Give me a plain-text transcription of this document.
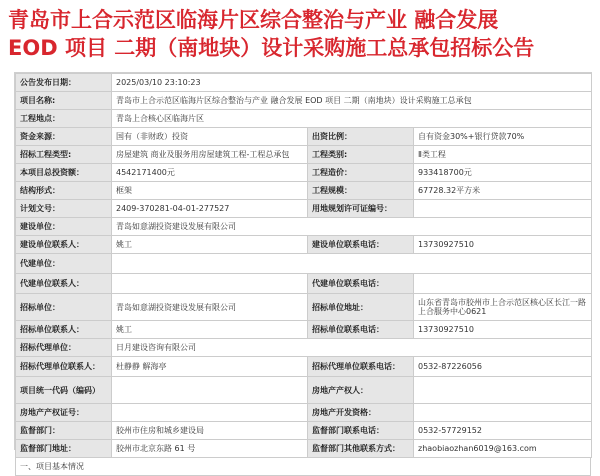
青岛市上合示范区临海片区综合整治与产业 融合发展
EOD 项目 二期（南地块）设计采购施工总承包招标公告
公告发布日期：	2025/03/10 23:10:23		
项目名称:	青岛市上合示范区临海片区综合整治与产业 融合发展 EOD 项目 二期（南地块）设计采购施工总承包		
工程地点：	青岛上合核心区临海片区		
资金来源：	国有（非财政）投资	出资比例：	自有资金30%+银行贷款70%
招标工程类型:	房屋建筑 商业及服务用房屋建筑工程-工程总承包	工程类别:	Ⅱ类工程
本项目总投资额：	4542171400元	工程造价：	933418700元
结构形式：	框架	工程规模：	67728.32平方米
计划文号：	2409-370281-04-01-277527	用地规划许可证编号：	
建设单位：	青岛如意湖投资建设发展有限公司		
建设单位联系人：	姚工	建设单位联系电话：	13730927510
代建单位：			
代建单位联系人：		代建单位联系电话：	
招标单位：	青岛如意湖投资建设发展有限公司	招标单位地址：	山东省青岛市胶州市上合示范区核心区长江一路上合服务中心0621
招标单位联系人：	姚工	招标单位联系电话：	13730927510
招标代理单位：	日月建设咨询有限公司		
招标代理单位联系人：	杜静静 解海亭	招标代理单位联系电话：	0532-87226056
项目统一代码（编码）		房地产产权人：	
房地产产权证号：		房地产开发资格：	
监督部门：	胶州市住房和城乡建设局	监督部门联系电话：	0532-57729152
监督部门地址：	胶州市北京东路 61 号	监督部门其他联系方式：	zhaobiaozhan6019@163.com
一、项目基本情况
